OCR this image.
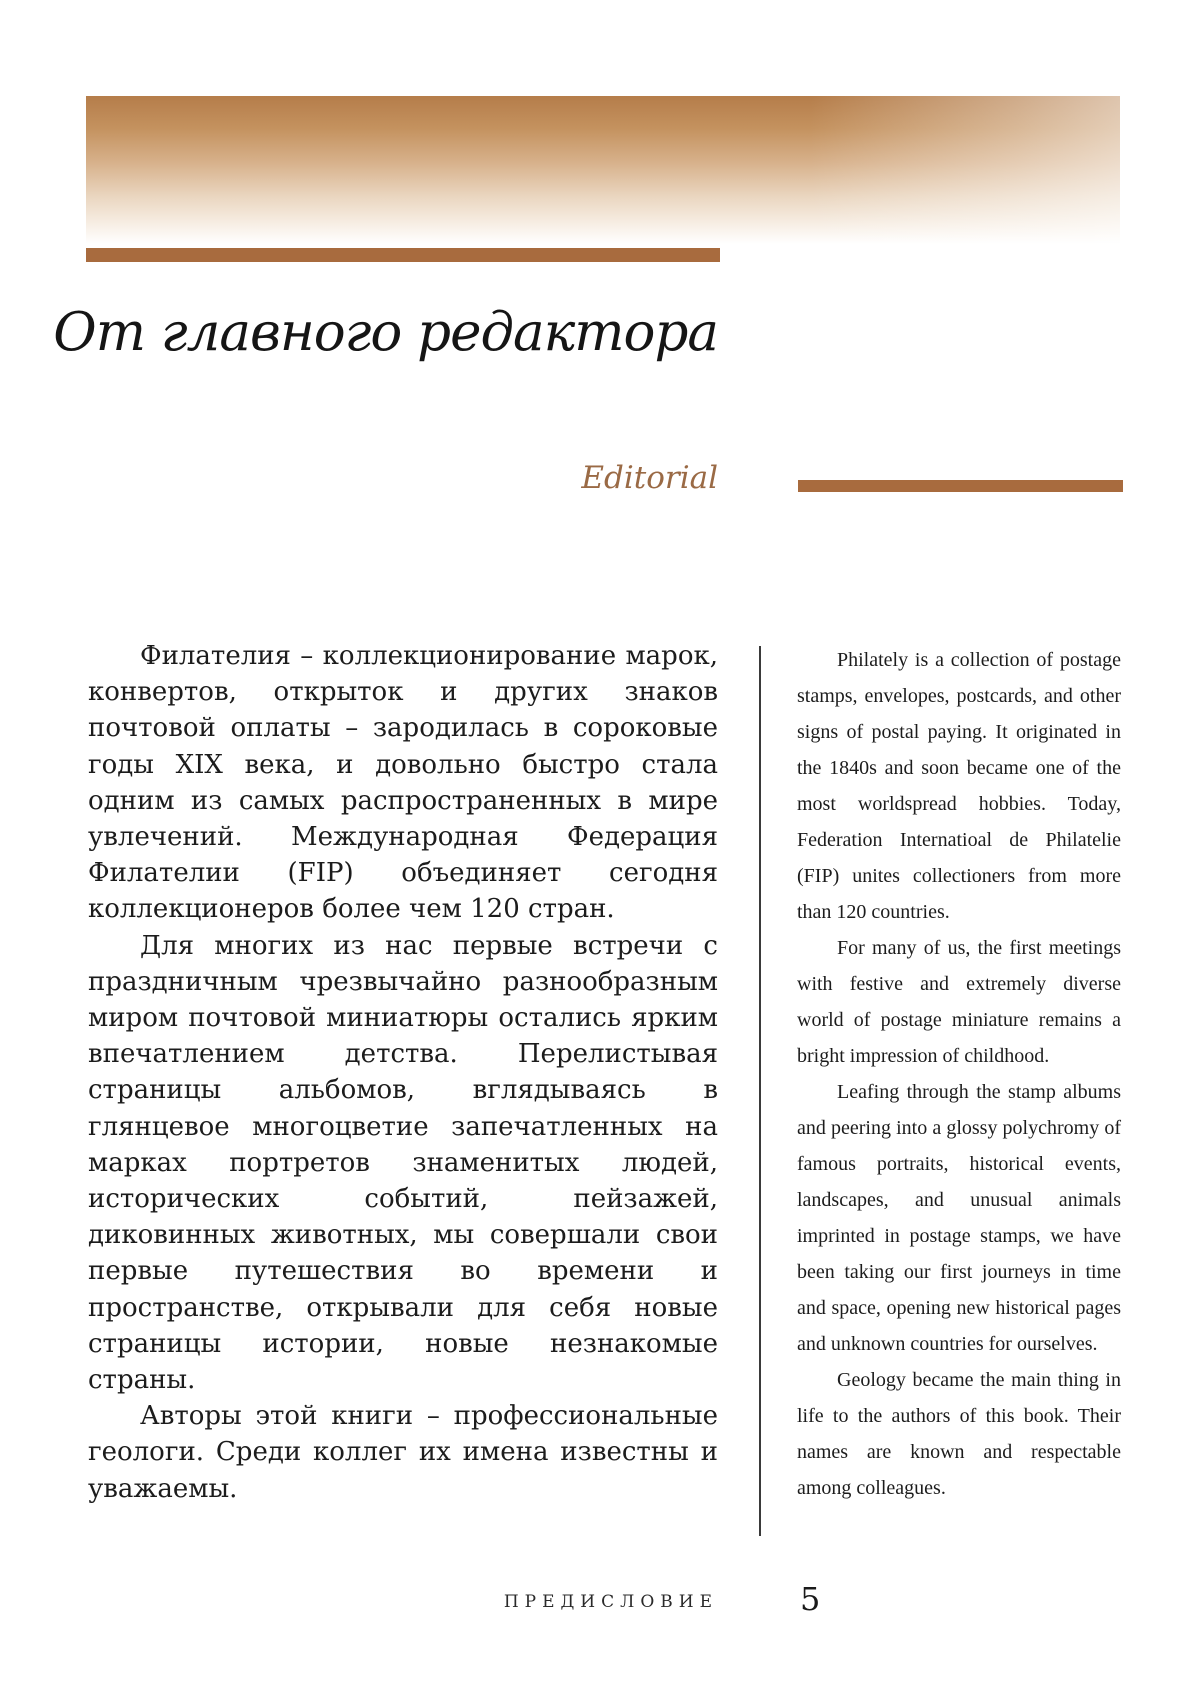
От главного редактора
Editorial

Филателия – коллекционирование марок, конвертов, открыток и других знаков почтовой оплаты – зародилась в сороковые годы XIX века, и довольно быстро стала одним из самых распространенных в мире увлечений. Международная Федерация Филателии (FIP) объединяет сегодня коллекционеров более чем 120 стран.

Для многих из нас первые встречи с праздничным чрезвычайно разнообразным миром почтовой миниатюры остались ярким впечатлением детства. Перелистывая страницы альбомов, вглядываясь в глянцевое многоцветие запечатленных на марках портретов знаменитых людей, исторических событий, пейзажей, диковинных животных, мы совершали свои первые путешествия во времени и пространстве, открывали для себя новые страницы истории, новые незнакомые страны.

Авторы этой книги – профессиональные геологи. Среди коллег их имена известны и уважаемы.

Philately is a collection of postage stamps, envelopes, postcards, and other signs of postal paying. It originated in the 1840s and soon became one of the most worldspread hobbies. Today, Federation Internatioal de Philatelie (FIP) unites collectioners from more than 120 countries.

For many of us, the first meetings with festive and extremely diverse world of postage miniature remains a bright impression of childhood.

Leafing through the stamp albums and peering into a glossy polychromy of famous portraits, historical events, landscapes, and unusual animals imprinted in postage stamps, we have been taking our first journeys in time and space, opening new historical pages and unknown countries for ourselves.

Geology became the main thing in life to the authors of this book. Their names are known and respectable among colleagues.

ПРЕДИСЛОВИЕ	5
